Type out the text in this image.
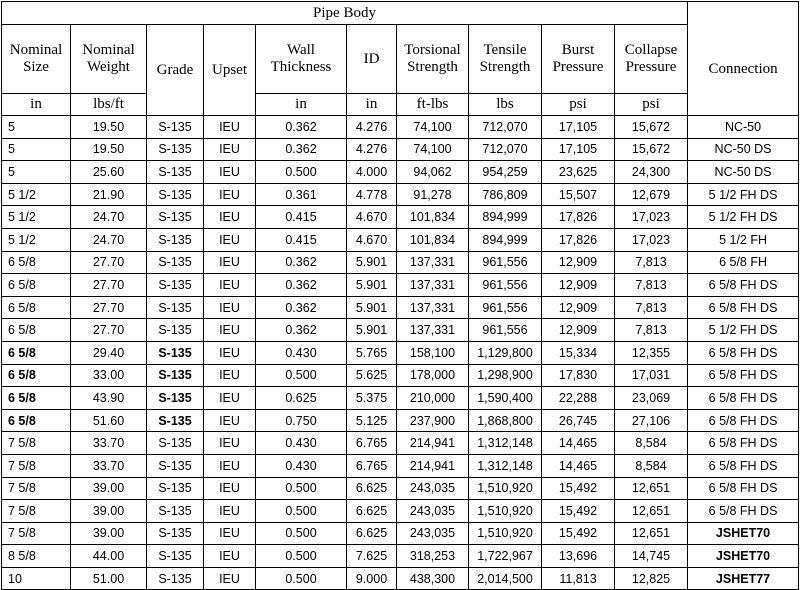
Pipe Body										
Nominal Size	Nominal Weight	Grade	Upset	Wall Thickness	ID	Torsional Strength	Tensile Strength	Burst Pressure	Collapse Pressure	Connection
in	lbs/ft			in	in	ft-lbs	lbs	psi	psi	
5	19.50	S-135	IEU	0.362	4.276	74,100	712,070	17,105	15,672	NC-50
5	19.50	S-135	IEU	0.362	4.276	74,100	712,070	17,105	15,672	NC-50 DS
5	25.60	S-135	IEU	0.500	4.000	94,062	954,259	23,625	24,300	NC-50 DS
5 1/2	21.90	S-135	IEU	0.361	4.778	91,278	786,809	15,507	12,679	5 1/2 FH DS
5 1/2	24.70	S-135	IEU	0.415	4.670	101,834	894,999	17,826	17,023	5 1/2 FH DS
5 1/2	24.70	S-135	IEU	0.415	4.670	101,834	894,999	17,826	17,023	5 1/2 FH
6 5/8	27.70	S-135	IEU	0.362	5.901	137,331	961,556	12,909	7,813	6 5/8 FH
6 5/8	27.70	S-135	IEU	0.362	5.901	137,331	961,556	12,909	7,813	6 5/8 FH DS
6 5/8	27.70	S-135	IEU	0.362	5.901	137,331	961,556	12,909	7,813	6 5/8 FH DS
6 5/8	27.70	S-135	IEU	0.362	5.901	137,331	961,556	12,909	7,813	5 1/2 FH DS
6 5/8	29.40	S-135	IEU	0.430	5.765	158,100	1,129,800	15,334	12,355	6 5/8 FH DS
6 5/8	33.00	S-135	IEU	0.500	5.625	178,000	1,298,900	17,830	17,031	6 5/8 FH DS
6 5/8	43.90	S-135	IEU	0.625	5.375	210,000	1,590,400	22,288	23,069	6 5/8 FH DS
6 5/8	51.60	S-135	IEU	0.750	5.125	237,900	1,868,800	26,745	27,106	6 5/8 FH DS
7 5/8	33.70	S-135	IEU	0.430	6.765	214,941	1,312,148	14,465	8,584	6 5/8 FH DS
7 5/8	33.70	S-135	IEU	0.430	6.765	214,941	1,312,148	14,465	8,584	6 5/8 FH DS
7 5/8	39.00	S-135	IEU	0.500	6.625	243,035	1,510,920	15,492	12,651	6 5/8 FH DS
7 5/8	39.00	S-135	IEU	0.500	6.625	243,035	1,510,920	15,492	12,651	6 5/8 FH DS
7 5/8	39.00	S-135	IEU	0.500	6.625	243,035	1,510,920	15,492	12,651	JSHET70
8 5/8	44.00	S-135	IEU	0.500	7.625	318,253	1,722,967	13,696	14,745	JSHET70
10	51.00	S-135	IEU	0.500	9.000	438,300	2,014,500	11,813	12,825	JSHET77
